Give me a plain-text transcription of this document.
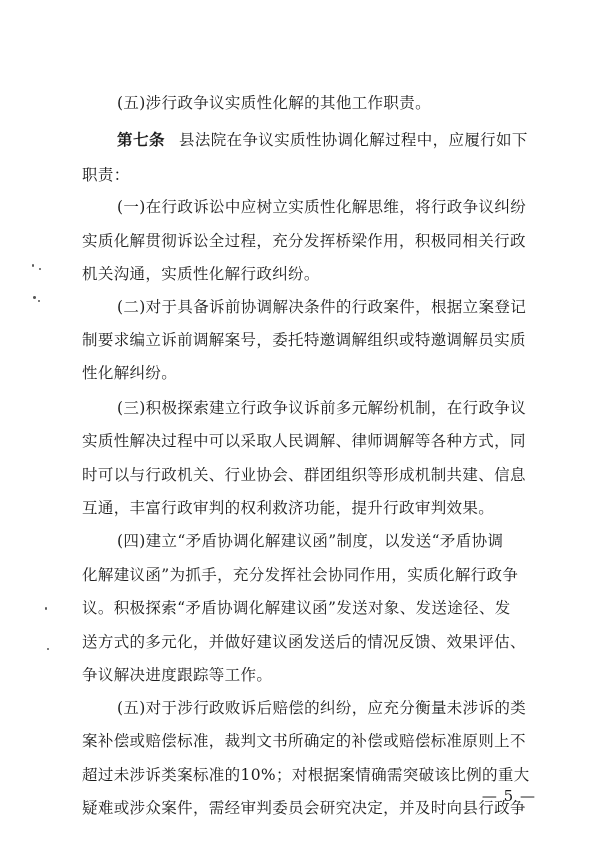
(五)涉行政争议实质性化解的其他工作职责。

第七条 县法院在争议实质性协调化解过程中，应履行如下

职责：

(一)在行政诉讼中应树立实质性化解思维，将行政争议纠纷

实质化解贯彻诉讼全过程，充分发挥桥梁作用，积极同相关行政

机关沟通，实质性化解行政纠纷。

(二)对于具备诉前协调解决条件的行政案件，根据立案登记

制要求编立诉前调解案号，委托特邀调解组织或特邀调解员实质

性化解纠纷。

(三)积极探索建立行政争议诉前多元解纷机制，在行政争议

实质性解决过程中可以采取人民调解、律师调解等各种方式，同

时可以与行政机关、行业协会、群团组织等形成机制共建、信息

互通，丰富行政审判的权利救济功能，提升行政审判效果。

(四)建立“矛盾协调化解建议函”制度，以发送“矛盾协调

化解建议函”为抓手，充分发挥社会协同作用，实质化解行政争

议。积极探索“矛盾协调化解建议函”发送对象、发送途径、发

送方式的多元化，并做好建议函发送后的情况反馈、效果评估、

争议解决进度跟踪等工作。

(五)对于涉行政败诉后赔偿的纠纷，应充分衡量未涉诉的类

案补偿或赔偿标准，裁判文书所确定的补偿或赔偿标准原则上不

超过未涉诉类案标准的10%；对根据案情确需突破该比例的重大

疑难或涉众案件，需经审判委员会研究决定，并及时向县行政争

— 5 —
